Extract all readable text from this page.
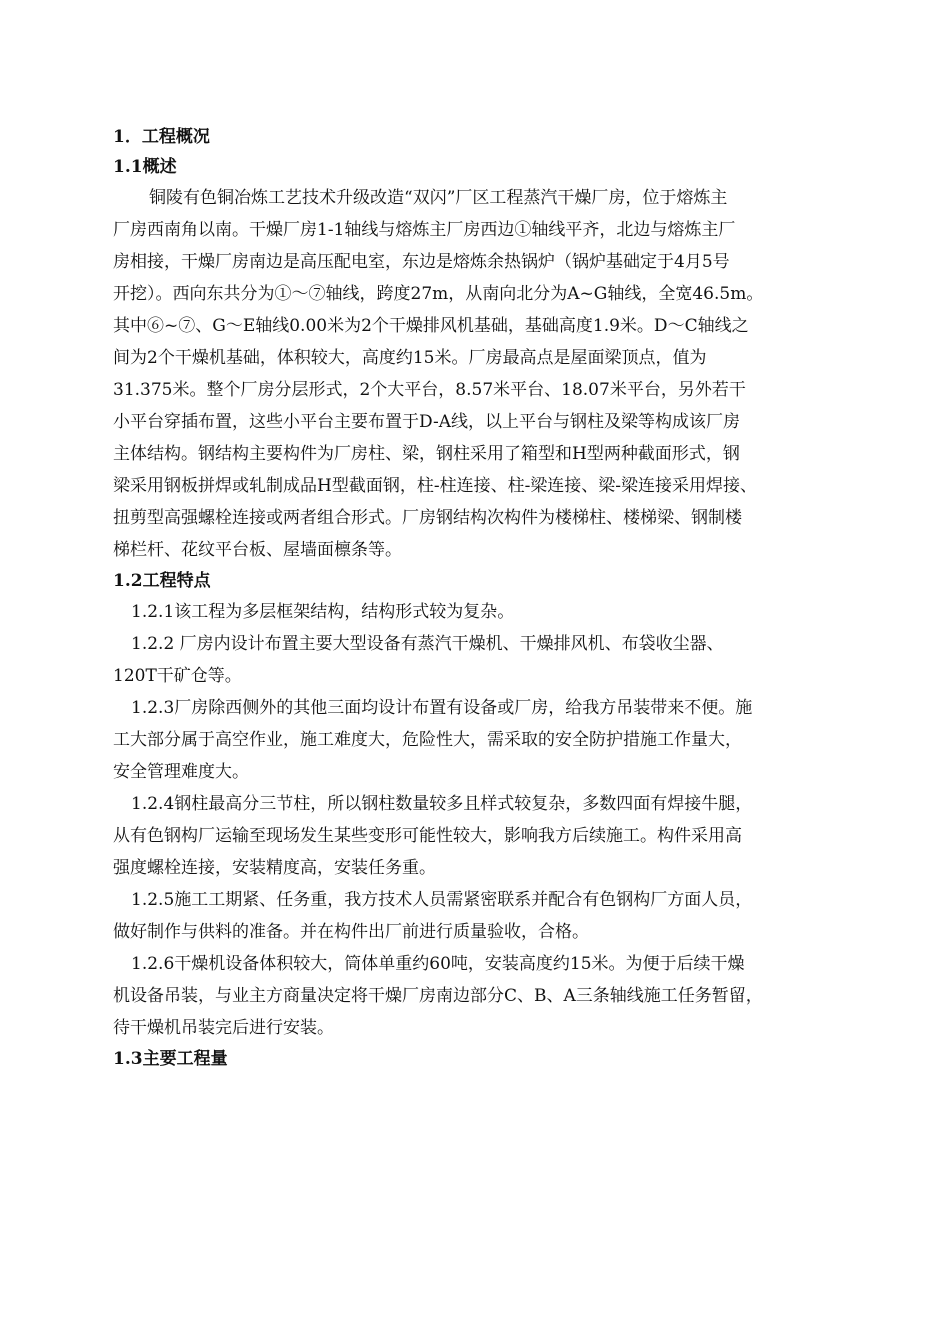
1．工程概况
1.1概述
铜陵有色铜冶炼工艺技术升级改造“双闪”厂区工程蒸汽干燥厂房，位于熔炼主
厂房西南角以南。干燥厂房1-1轴线与熔炼主厂房西边①轴线平齐，北边与熔炼主厂
房相接，干燥厂房南边是高压配电室，东边是熔炼余热锅炉（锅炉基础定于4月5号
开挖）。西向东共分为①～⑦轴线，跨度27m，从南向北分为A~G轴线，全宽46.5m。
其中⑥~⑦、G～E轴线0.00米为2个干燥排风机基础，基础高度1.9米。D～C轴线之
间为2个干燥机基础，体积较大，高度约15米。厂房最高点是屋面梁顶点，值为
31.375米。整个厂房分层形式，2个大平台，8.57米平台、18.07米平台，另外若干
小平台穿插布置，这些小平台主要布置于D-A线，以上平台与钢柱及梁等构成该厂房
主体结构。钢结构主要构件为厂房柱、梁，钢柱采用了箱型和H型两种截面形式，钢
梁采用钢板拼焊或轧制成品H型截面钢，柱-柱连接、柱-梁连接、梁-梁连接采用焊接、
扭剪型高强螺栓连接或两者组合形式。厂房钢结构次构件为楼梯柱、楼梯梁、钢制楼
梯栏杆、花纹平台板、屋墙面檩条等。
1.2工程特点
1.2.1该工程为多层框架结构，结构形式较为复杂。
1.2.2 厂房内设计布置主要大型设备有蒸汽干燥机、干燥排风机、布袋收尘器、
120T干矿仓等。
1.2.3厂房除西侧外的其他三面均设计布置有设备或厂房，给我方吊装带来不便。施
工大部分属于高空作业，施工难度大，危险性大，需采取的安全防护措施工作量大，
安全管理难度大。
1.2.4钢柱最高分三节柱，所以钢柱数量较多且样式较复杂，多数四面有焊接牛腿，
从有色钢构厂运输至现场发生某些变形可能性较大，影响我方后续施工。构件采用高
强度螺栓连接，安装精度高，安装任务重。
1.2.5施工工期紧、任务重，我方技术人员需紧密联系并配合有色钢构厂方面人员，
做好制作与供料的准备。并在构件出厂前进行质量验收，合格。
1.2.6干燥机设备体积较大，筒体单重约60吨，安装高度约15米。为便于后续干燥
机设备吊装，与业主方商量决定将干燥厂房南边部分C、B、A三条轴线施工任务暂留，
待干燥机吊装完后进行安装。
1.3主要工程量
